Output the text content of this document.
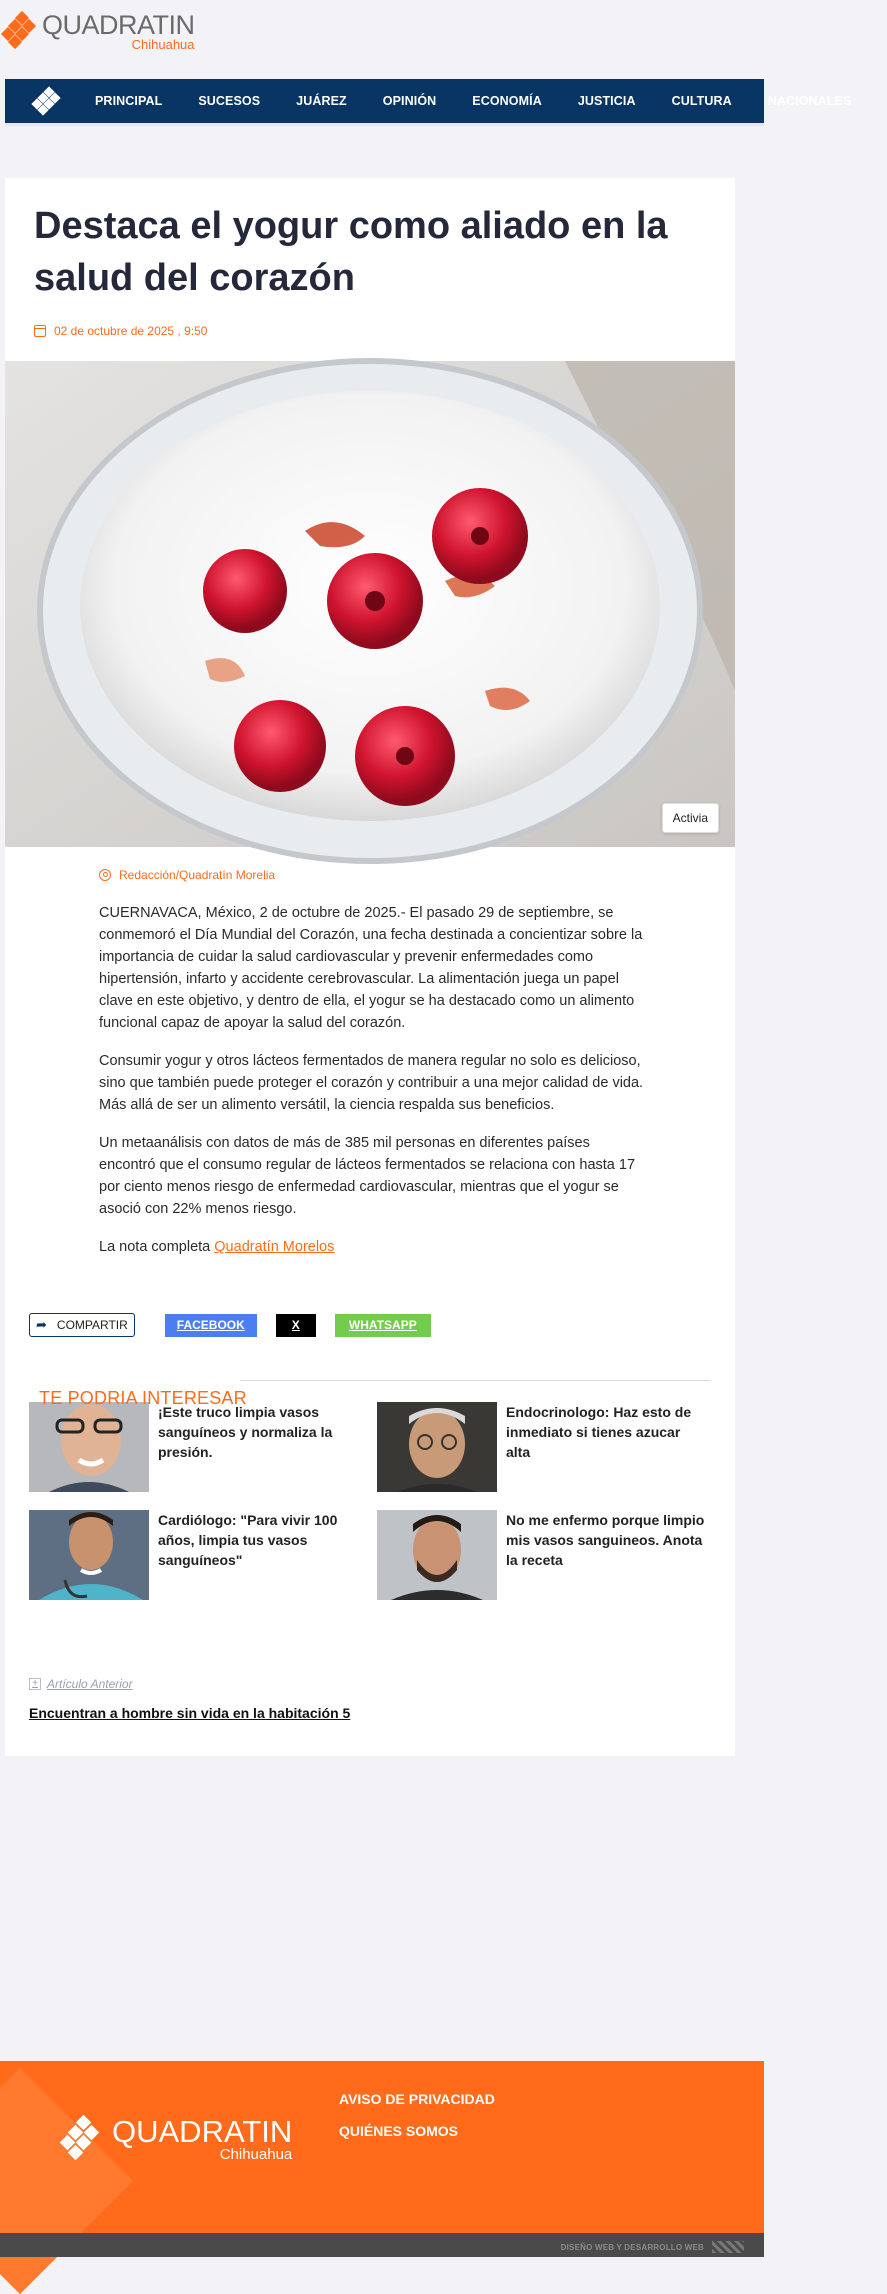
QUADRATIN
Chihuahua
PRINCIPAL	SUCESOS	JUÁREZ	OPINIÓN	ECONOMÍA	JUSTICIA	CULTURA	NACIONALES
Destaca el yogur como aliado en la salud del corazón
02 de octubre de 2025 , 9:50
Activia
Redacción/Quadratín Morelia

CUERNAVACA, México, 2 de octubre de 2025.- El pasado 29 de septiembre, se conmemoró el Día Mundial del Corazón, una fecha destinada a concientizar sobre la importancia de cuidar la salud cardiovascular y prevenir enfermedades como hipertensión, infarto y accidente cerebrovascular. La alimentación juega un papel clave en este objetivo, y dentro de ella, el yogur se ha destacado como un alimento funcional capaz de apoyar la salud del corazón.

Consumir yogur y otros lácteos fermentados de manera regular no solo es delicioso, sino que también puede proteger el corazón y contribuir a una mejor calidad de vida. Más allá de ser un alimento versátil, la ciencia respalda sus beneficios.

Un metaanálisis con datos de más de 385 mil personas en diferentes países encontró que el consumo regular de lácteos fermentados se relaciona con hasta 17 por ciento menos riesgo de enfermedad cardiovascular, mientras que el yogur se asoció con 22% menos riesgo.

La nota completa Quadratín Morelos

➦ COMPARTIR	FACEBOOK	X	WHATSAPP
¡Este truco limpia vasos sanguíneos y normaliza la presión.
TE PODRIA INTERESAR
Endocrinologo: Haz esto de inmediato si tienes azucar alta
Cardiólogo: "Para vivir 100 años, limpia tus vasos sanguíneos"
No me enfermo porque limpio mis vasos sanguineos. Anota la receta
+ Artículo Anterior
Encuentran a hombre sin vida en la habitación 5
QUADRATIN
Chihuahua
AVISO DE PRIVACIDAD
QUIÉNES SOMOS
DISEÑO WEB Y DESARROLLO WEB
